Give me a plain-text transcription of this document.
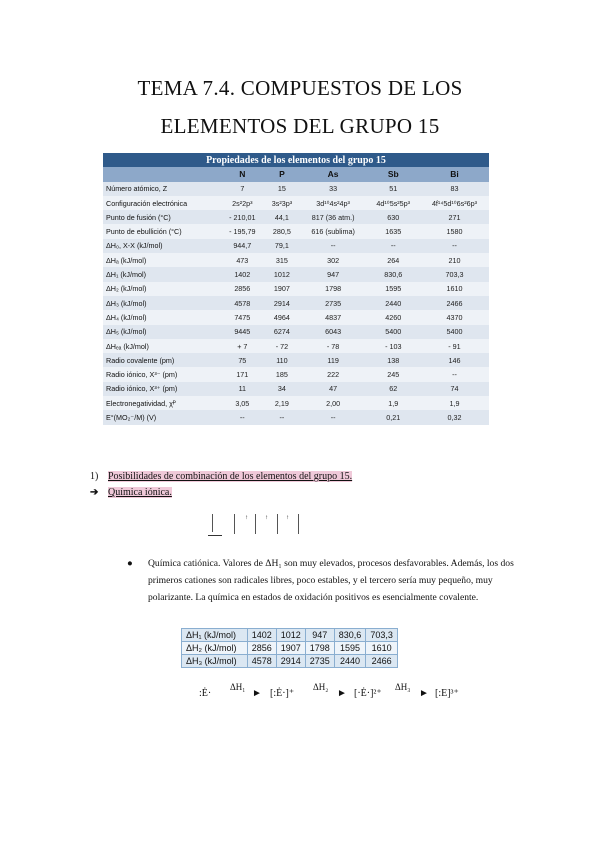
TEMA 7.4. COMPUESTOS DE LOS
ELEMENTOS DEL GRUPO 15
Propiedades de los elementos del grupo 15					
	N	P	As	Sb	Bi
Número atómico, Z	7	15	33	51	83
Configuración electrónica	2s²2p³	3s²3p³	3d¹⁰4s²4p³	4d¹⁰5s²5p³	4f¹⁴5d¹⁰6s²6p³
Punto de fusión (°C)	- 210,01	44,1	817 (36 atm.)	630	271
Punto de ebullición (°C)	- 195,79	280,5	616 (sublima)	1635	1580
ΔH₀, X-X (kJ/mol)	944,7	79,1	--	--	--
ΔHₐ (kJ/mol)	473	315	302	264	210
ΔH₁ (kJ/mol)	1402	1012	947	830,6	703,3
ΔH₂ (kJ/mol)	2856	1907	1798	1595	1610
ΔH₃ (kJ/mol)	4578	2914	2735	2440	2466
ΔH₄ (kJ/mol)	7475	4964	4837	4260	4370
ΔH₅ (kJ/mol)	9445	6274	6043	5400	5400
ΔHₑₐ (kJ/mol)	+ 7	- 72	- 78	- 103	- 91
Radio covalente (pm)	75	110	119	138	146
Radio iónico, X³⁻ (pm)	171	185	222	245	--
Radio iónico, X³⁺ (pm)	11	34	47	62	74
Electronegatividad, χᴾ	3,05	2,19	2,00	1,9	1,9
E°(MO₂⁻/M) (V)	--	--	--	0,21	0,32
1) Posibilidades de combinación de los elementos del grupo 15.
➔ Química iónica.
↑	↑	↑
● Química catiónica. Valores de ΔH₁ son muy elevados, procesos desfavorables. Además, los dos primeros cationes son radicales libres, poco estables, y el tercero sería muy pequeño, muy polarizante. La química en estados de oxidación positivos es esencialmente covalente.
ΔH₁ (kJ/mol)	1402	1012	947	830,6	703,3
ΔH₂ (kJ/mol)	2856	1907	1798	1595	1610
ΔH₃ (kJ/mol)	4578	2914	2735	2440	2466
:Ė·
ΔH₁
► [:Ė·]⁺
ΔH₂
► [·Ė·]²⁺
ΔH₃
► [:E]³⁺
